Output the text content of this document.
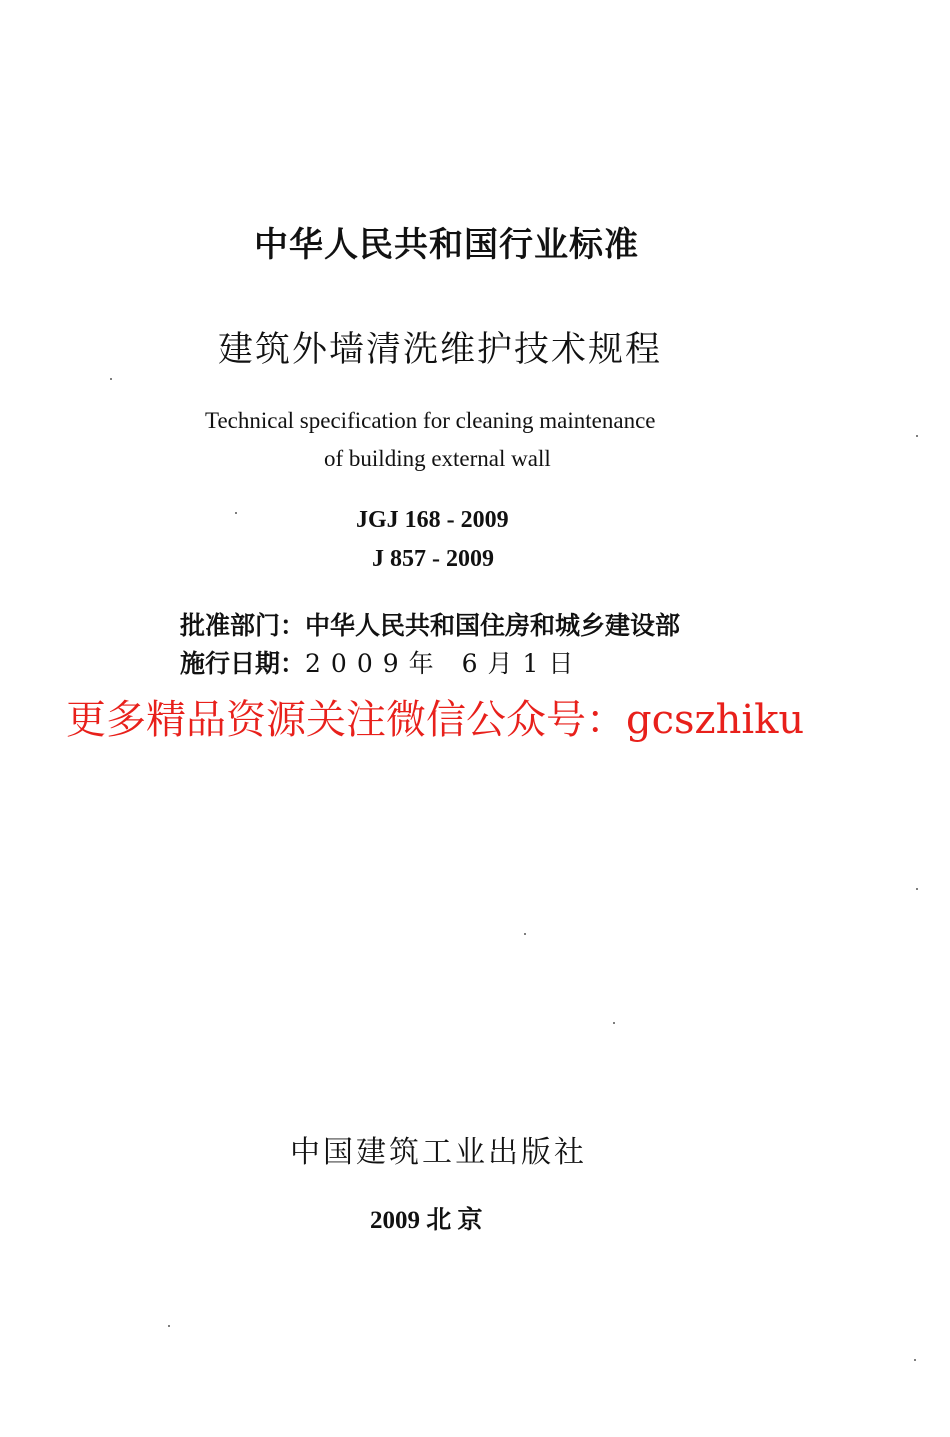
中华人民共和国行业标准
建筑外墙清洗维护技术规程
Technical specification for cleaning maintenance
of building external wall
JGJ 168 - 2009
J 857 - 2009
批准部门：中华人民共和国住房和城乡建设部
施行日期：2009年 6月1日
更多精品资源关注微信公众号：gcszhiku
中国建筑工业出版社
2009 北 京
